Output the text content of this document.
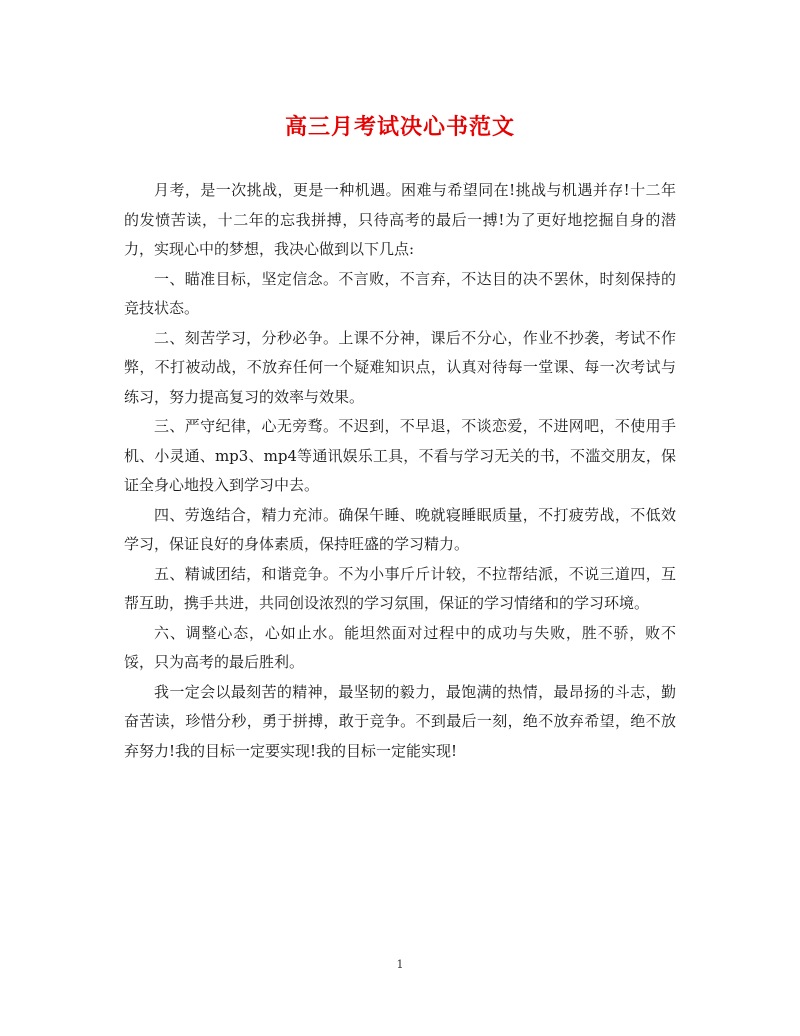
高三月考试决心书范文

月考，是一次挑战，更是一种机遇。困难与希望同在!挑战与机遇并存!十二年的发愤苦读，十二年的忘我拼搏，只待高考的最后一搏!为了更好地挖掘自身的潜力，实现心中的梦想，我决心做到以下几点:

一、瞄准目标，坚定信念。不言败，不言弃，不达目的决不罢休，时刻保持的竞技状态。

二、刻苦学习，分秒必争。上课不分神，课后不分心，作业不抄袭，考试不作弊，不打被动战，不放弃任何一个疑难知识点，认真对待每一堂课、每一次考试与练习，努力提高复习的效率与效果。

三、严守纪律，心无旁骛。不迟到，不早退，不谈恋爱，不进网吧，不使用手机、小灵通、mp3、mp4等通讯娱乐工具，不看与学习无关的书，不滥交朋友，保证全身心地投入到学习中去。

四、劳逸结合，精力充沛。确保午睡、晚就寝睡眠质量，不打疲劳战，不低效学习，保证良好的身体素质，保持旺盛的学习精力。

五、精诚团结，和谐竞争。不为小事斤斤计较，不拉帮结派，不说三道四，互帮互助，携手共进，共同创设浓烈的学习氛围，保证的学习情绪和的学习环境。

六、调整心态，心如止水。能坦然面对过程中的成功与失败，胜不骄，败不馁，只为高考的最后胜利。

我一定会以最刻苦的精神，最坚韧的毅力，最饱满的热情，最昂扬的斗志，勤奋苦读，珍惜分秒，勇于拼搏，敢于竞争。不到最后一刻，绝不放弃希望，绝不放弃努力!我的目标一定要实现!我的目标一定能实现!

1
